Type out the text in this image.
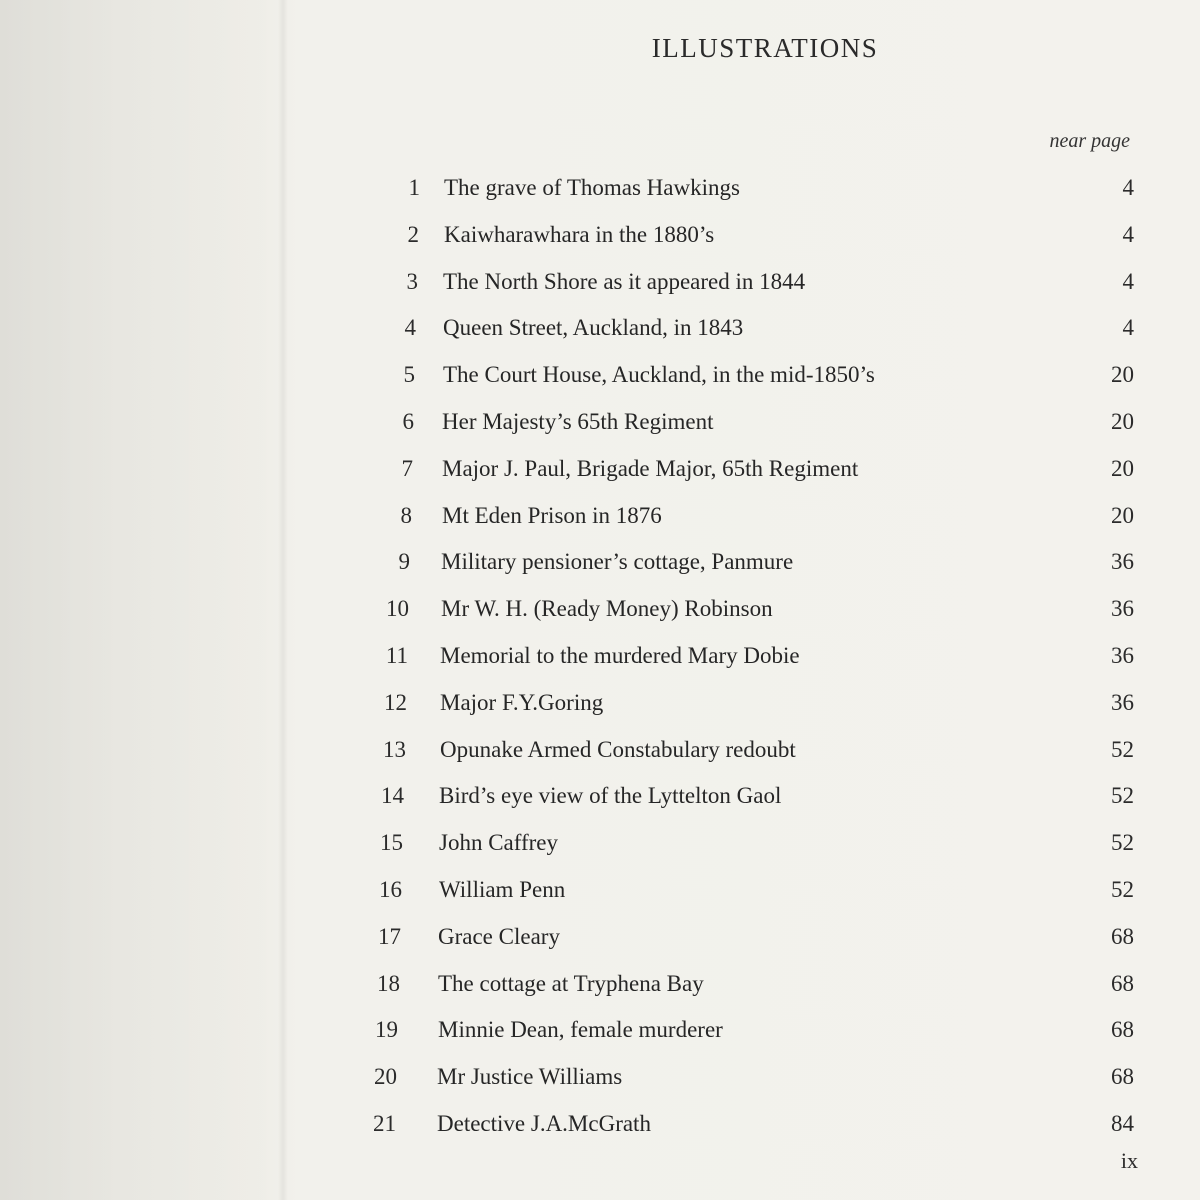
ILLUSTRATIONS
near page
1 The grave of Thomas Hawkings	4
2 Kaiwharawhara in the 1880’s	4
3 The North Shore as it appeared in 1844	4
4 Queen Street, Auckland, in 1843	4
5 The Court House, Auckland, in the mid-1850’s	20
6 Her Majesty’s 65th Regiment	20
7 Major J. Paul, Brigade Major, 65th Regiment	20
8 Mt Eden Prison in 1876	20
9 Military pensioner’s cottage, Panmure	36
10 Mr W. H. (Ready Money) Robinson	36
11 Memorial to the murdered Mary Dobie	36
12 Major F.Y.Goring	36
13 Opunake Armed Constabulary redoubt	52
14 Bird’s eye view of the Lyttelton Gaol	52
15 John Caffrey	52
16 William Penn	52
17 Grace Cleary	68
18 The cottage at Tryphena Bay	68
19 Minnie Dean, female murderer	68
20 Mr Justice Williams	68
21 Detective J.A.McGrath	84
ix
